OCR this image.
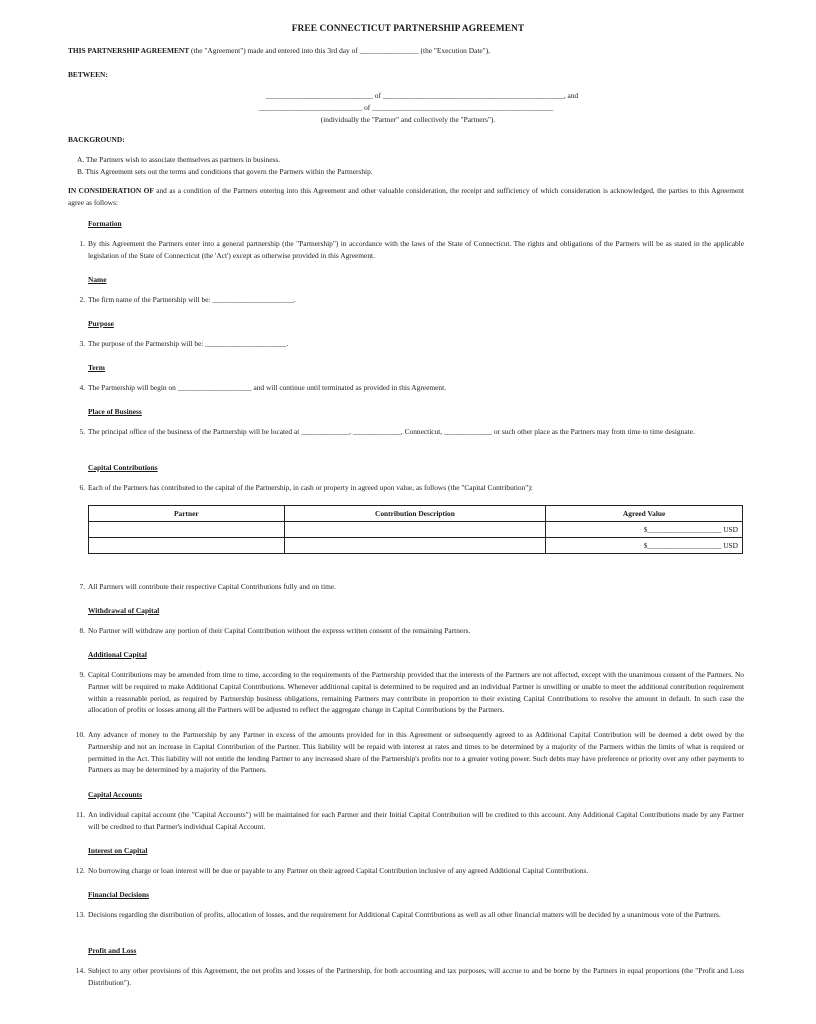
FREE CONNECTICUT PARTNERSHIP AGREEMENT
THIS PARTNERSHIP AGREEMENT (the "Agreement") made and entered into this 3rd day of ________________ (the "Execution Date"),
BETWEEN:
_____________________________ of _________________________________________________, and
____________________________ of _________________________________________________
(individually the "Partner" and collectively the "Partners").
BACKGROUND:
A. The Partners wish to associate themselves as partners in business.
B. This Agreement sets out the terms and conditions that govern the Partners within the Partnership.
IN CONSIDERATION OF and as a condition of the Partners entering into this Agreement and other valuable consideration, the receipt and sufficiency of which consideration is acknowledged, the parties to this Agreement agree as follows:
Formation
1. By this Agreement the Partners enter into a general partnership (the "Partnership") in accordance with the laws of the State of Connecticut. The rights and obligations of the Partners will be as stated in the applicable legislation of the State of Connecticut (the 'Act') except as otherwise provided in this Agreement.
Name
2. The firm name of the Partnership will be: ______________________.
Purpose
3. The purpose of the Partnership will be: ______________________.
Term
4. The Partnership will begin on ____________________ and will continue until terminated as provided in this Agreement.
Place of Business
5. The principal office of the business of the Partnership will be located at _____________, _____________, Connecticut, _____________ or such other place as the Partners may from time to time designate.
Capital Contributions
6. Each of the Partners has contributed to the capital of the Partnership, in cash or property in agreed upon value, as follows (the "Capital Contribution"):
Partner	Contribution Description	Agreed Value
		$____________________ USD
		$____________________ USD
7. All Partners will contribute their respective Capital Contributions fully and on time.
Withdrawal of Capital
8. No Partner will withdraw any portion of their Capital Contribution without the express written consent of the remaining Partners.
Additional Capital
9. Capital Contributions may be amended from time to time, according to the requirements of the Partnership provided that the interests of the Partners are not affected, except with the unanimous consent of the Partners. No Partner will be required to make Additional Capital Contributions. Whenever additional capital is determined to be required and an individual Partner is unwilling or unable to meet the additional contribution requirement within a reasonable period, as required by Partnership business obligations, remaining Partners may contribute in proportion to their existing Capital Contributions to resolve the amount in default. In such case the allocation of profits or losses among all the Partners will be adjusted to reflect the aggregate change in Capital Contributions by the Partners.
10. Any advance of money to the Partnership by any Partner in excess of the amounts provided for in this Agreement or subsequently agreed to as Additional Capital Contribution will be deemed a debt owed by the Partnership and not an increase in Capital Contribution of the Partner. This liability will be repaid with interest at rates and times to be determined by a majority of the Partners within the limits of what is required or permitted in the Act. This liability will not entitle the lending Partner to any increased share of the Partnership's profits nor to a greater voting power. Such debts may have preference or priority over any other payments to Partners as may be determined by a majority of the Partners.
Capital Accounts
11. An individual capital account (the "Capital Accounts") will be maintained for each Partner and their Initial Capital Contribution will be credited to this account. Any Additional Capital Contributions made by any Partner will be credited to that Partner's individual Capital Account.
Interest on Capital
12. No borrowing charge or loan interest will be due or payable to any Partner on their agreed Capital Contribution inclusive of any agreed Additional Capital Contributions.
Financial Decisions
13. Decisions regarding the distribution of profits, allocation of losses, and the requirement for Additional Capital Contributions as well as all other financial matters will be decided by a unanimous vote of the Partners.
Profit and Loss
14. Subject to any other provisions of this Agreement, the net profits and losses of the Partnership, for both accounting and tax purposes, will accrue to and be borne by the Partners in equal proportions (the "Profit and Loss Distribution").
